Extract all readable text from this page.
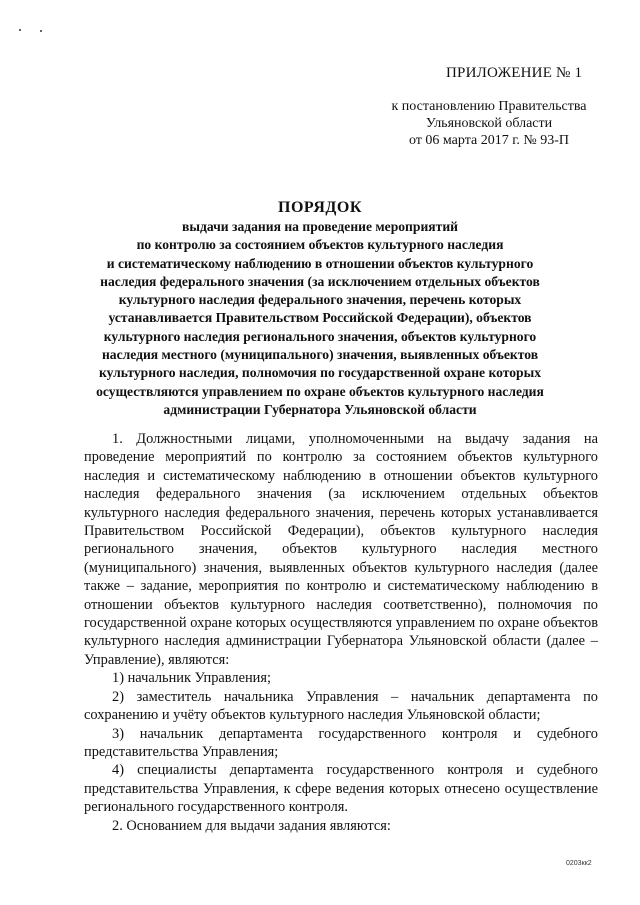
ПРИЛОЖЕНИЕ № 1
к постановлению Правительства
Ульяновской области
от 06 марта 2017 г. № 93-П
ПОРЯДОК
выдачи задания на проведение мероприятий
по контролю за состоянием объектов культурного наследия
и систематическому наблюдению в отношении объектов культурного
наследия федерального значения (за исключением отдельных объектов
культурного наследия федерального значения, перечень которых
устанавливается Правительством Российской Федерации), объектов
культурного наследия регионального значения, объектов культурного
наследия местного (муниципального) значения, выявленных объектов
культурного наследия, полномочия по государственной охране которых
осуществляются управлением по охране объектов культурного наследия
администрации Губернатора Ульяновской области

1. Должностными лицами, уполномоченными на выдачу задания на проведение мероприятий по контролю за состоянием объектов культурного наследия и систематическому наблюдению в отношении объектов культурного наследия федерального значения (за исключением отдельных объектов культурного наследия федерального значения, перечень которых устанавливается Правительством Российской Федерации), объектов культурного наследия регионального значения, объектов культурного наследия местного (муниципального) значения, выявленных объектов культурного наследия (далее также – задание, мероприятия по контролю и систематическому наблюдению в отношении объектов культурного наследия соответственно), полномочия по государственной охране которых осуществляются управлением по охране объектов культурного наследия администрации Губернатора Ульяновской области (далее – Управление), являются:

1) начальник Управления;

2) заместитель начальника Управления – начальник департамента по сохранению и учёту объектов культурного наследия Ульяновской области;

3) начальник департамента государственного контроля и судебного представительства Управления;

4) специалисты департамента государственного контроля и судебного представительства Управления, к сфере ведения которых отнесено осуществление регионального государственного контроля.

2. Основанием для выдачи задания являются:

0203кк2
